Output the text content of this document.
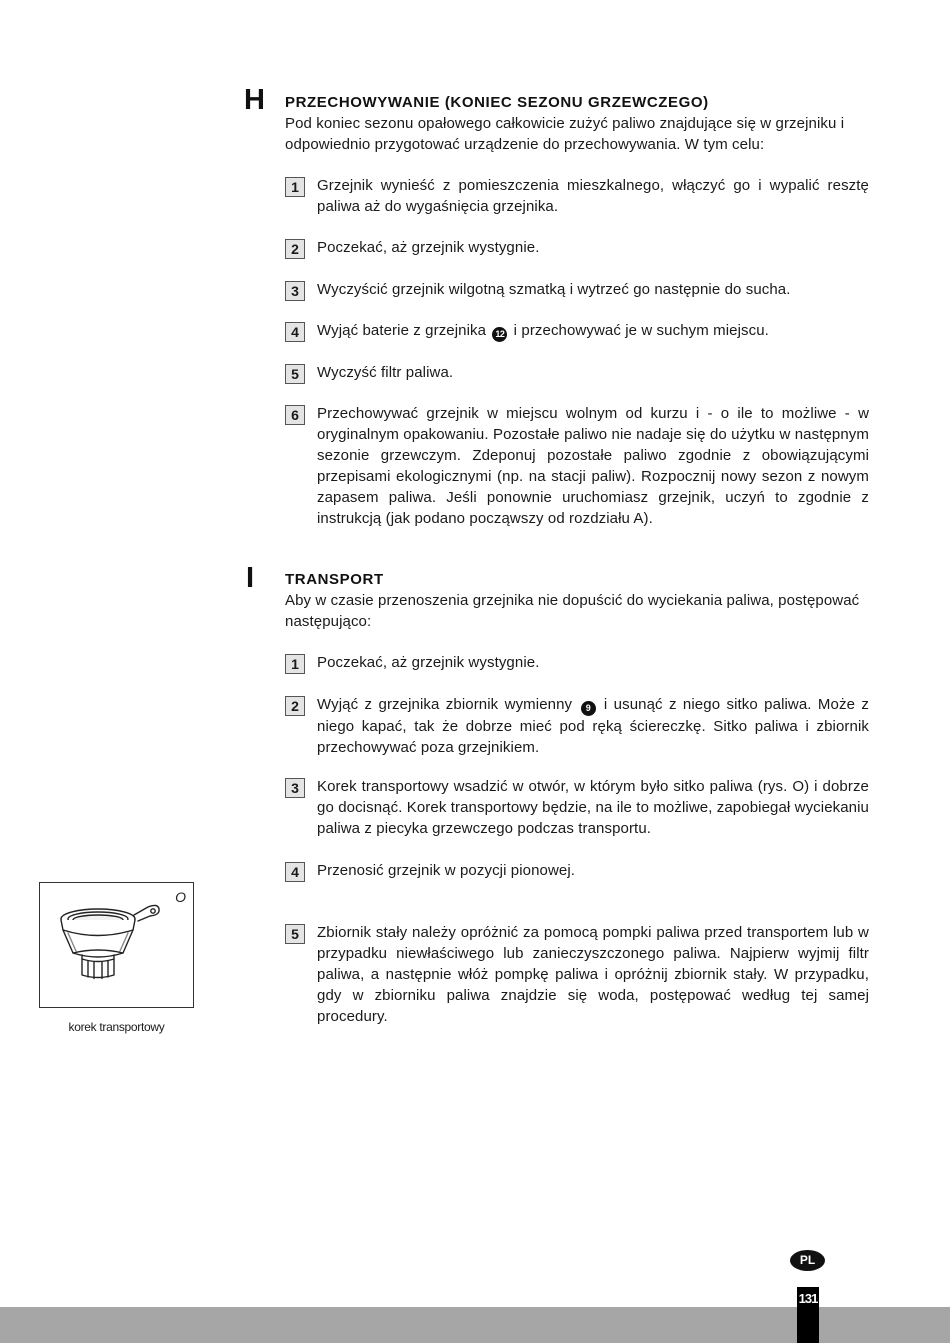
H PRZECHOWYWANIE (KONIEC SEZONU GRZEWCZEGO)
Pod koniec sezonu opałowego całkowicie zużyć paliwo znajdujące się w grzejniku i odpowiednio przygotować urządzenie do przechowywania. W tym celu:
1	Grzejnik wynieść z pomieszczenia mieszkalnego, włączyć go i wypalić resztę paliwa aż do wygaśnięcia grzejnika.
2	Poczekać, aż grzejnik wystygnie.
3	Wyczyścić grzejnik wilgotną szmatką i wytrzeć go następnie do sucha.
4	Wyjąć baterie z grzejnika 12 i przechowywać je w suchym miejscu.
5	Wyczyść filtr paliwa.
6	Przechowywać grzejnik w miejscu wolnym od kurzu i - o ile to możliwe - w oryginalnym opakowaniu. Pozostałe paliwo nie nadaje się do użytku w następnym sezonie grzewczym. Zdeponuj pozostałe paliwo zgodnie z obowiązującymi przepisami ekologicznymi (np. na stacji paliw). Rozpocznij nowy sezon z nowym zapasem paliwa. Jeśli ponownie uruchomiasz grzejnik, uczyń to zgodnie z instrukcją (jak podano począwszy od rozdziału A).
I TRANSPORT
Aby w czasie przenoszenia grzejnika nie dopuścić do wyciekania paliwa, postępować następująco:
1	Poczekać, aż grzejnik wystygnie.
2	Wyjąć z grzejnika zbiornik wymienny 9 i usunąć z niego sitko paliwa. Może z niego kapać, tak że dobrze mieć pod ręką ściereczkę. Sitko paliwa i zbiornik przechowywać poza grzejnikiem.
3	Korek transportowy wsadzić w otwór, w którym było sitko paliwa (rys. O) i dobrze go docisnąć. Korek transportowy będzie, na ile to możliwe, zapobiegał wyciekaniu paliwa z piecyka grzewczego podczas transportu.
4	Przenosić grzejnik w pozycji pionowej.
5	Zbiornik stały należy opróżnić za pomocą pompki paliwa przed transportem lub w przypadku niewłaściwego lub zanieczyszczonego paliwa. Najpierw wyjmij filtr paliwa, a następnie włóż pompkę paliwa i opróżnij zbiornik stały. W przypadku, gdy w zbiorniku paliwa znajdzie się woda, postępować według tej samej procedury.
O
korek transportowy
PL
131
